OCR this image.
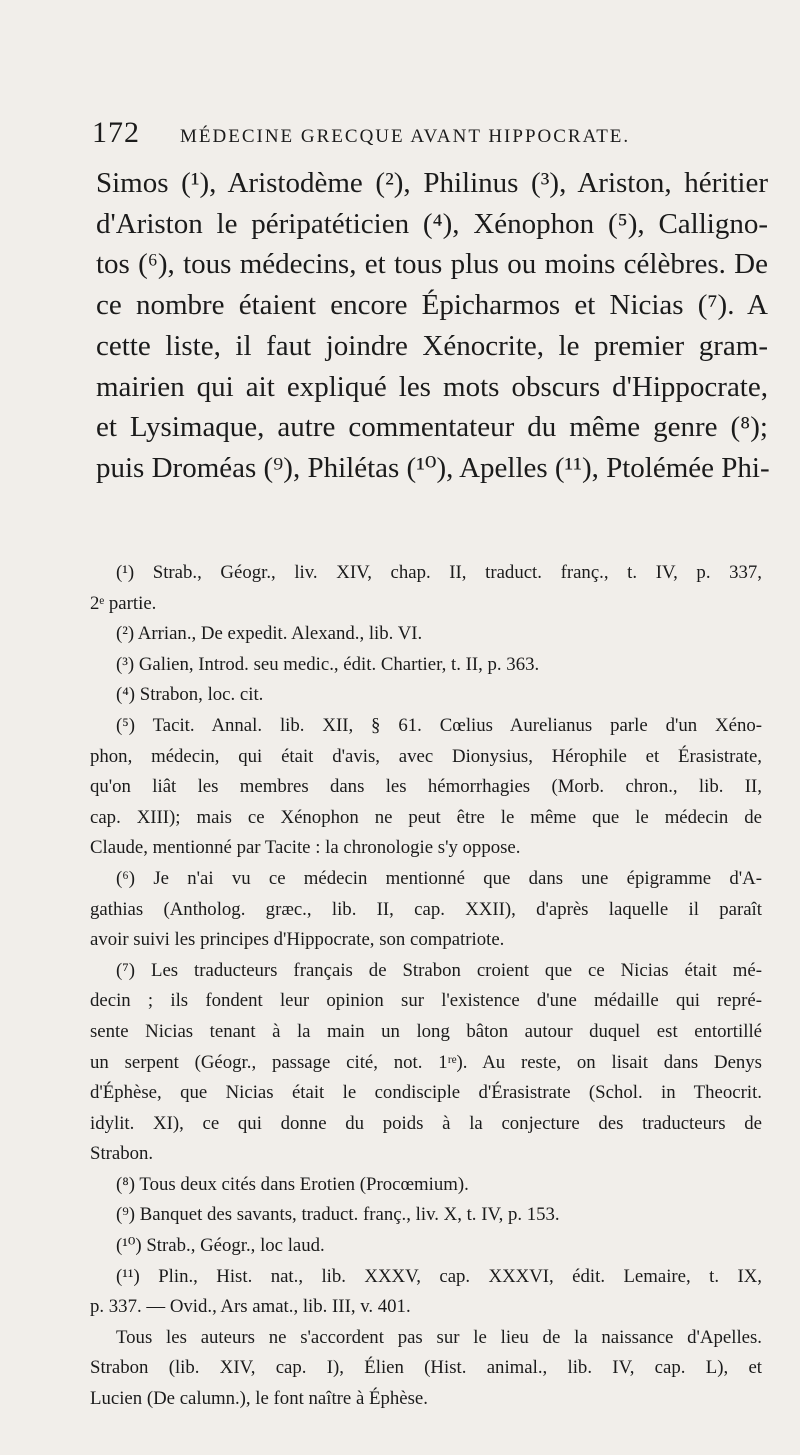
172 MÉDECINE GRECQUE AVANT HIPPOCRATE.
Simos (¹), Aristodème (²), Philinus (³), Ariston, héritier
d'Ariston le péripatéticien (⁴), Xénophon (⁵), Calligno-
tos (⁶), tous médecins, et tous plus ou moins célèbres. De
ce nombre étaient encore Épicharmos et Nicias (⁷). A
cette liste, il faut joindre Xénocrite, le premier gram-
mairien qui ait expliqué les mots obscurs d'Hippocrate,
et Lysimaque, autre commentateur du même genre (⁸);
puis Droméas (⁹), Philétas (¹⁰), Apelles (¹¹), Ptolémée Phi-
(¹) Strab., Géogr., liv. XIV, chap. II, traduct. franç., t. IV, p. 337,
2ᵉ partie.
(²) Arrian., De expedit. Alexand., lib. VI.
(³) Galien, Introd. seu medic., édit. Chartier, t. II, p. 363.
(⁴) Strabon, loc. cit.
(⁵) Tacit. Annal. lib. XII, § 61. Cœlius Aurelianus parle d'un Xéno-
phon, médecin, qui était d'avis, avec Dionysius, Hérophile et Érasistrate,
qu'on liât les membres dans les hémorrhagies (Morb. chron., lib. II,
cap. XIII); mais ce Xénophon ne peut être le même que le médecin de
Claude, mentionné par Tacite : la chronologie s'y oppose.
(⁶) Je n'ai vu ce médecin mentionné que dans une épigramme d'A-
gathias (Antholog. græc., lib. II, cap. XXII), d'après laquelle il paraît
avoir suivi les principes d'Hippocrate, son compatriote.
(⁷) Les traducteurs français de Strabon croient que ce Nicias était mé-
decin ; ils fondent leur opinion sur l'existence d'une médaille qui repré-
sente Nicias tenant à la main un long bâton autour duquel est entortillé
un serpent (Géogr., passage cité, not. 1ʳᵉ). Au reste, on lisait dans Denys
d'Éphèse, que Nicias était le condisciple d'Érasistrate (Schol. in Theocrit.
idylit. XI), ce qui donne du poids à la conjecture des traducteurs de
Strabon.
(⁸) Tous deux cités dans Erotien (Procœmium).
(⁹) Banquet des savants, traduct. franç., liv. X, t. IV, p. 153.
(¹⁰) Strab., Géogr., loc laud.
(¹¹) Plin., Hist. nat., lib. XXXV, cap. XXXVI, édit. Lemaire, t. IX,
p. 337. — Ovid., Ars amat., lib. III, v. 401.
Tous les auteurs ne s'accordent pas sur le lieu de la naissance d'Apelles.
Strabon (lib. XIV, cap. I), Élien (Hist. animal., lib. IV, cap. L), et
Lucien (De calumn.), le font naître à Éphèse.
